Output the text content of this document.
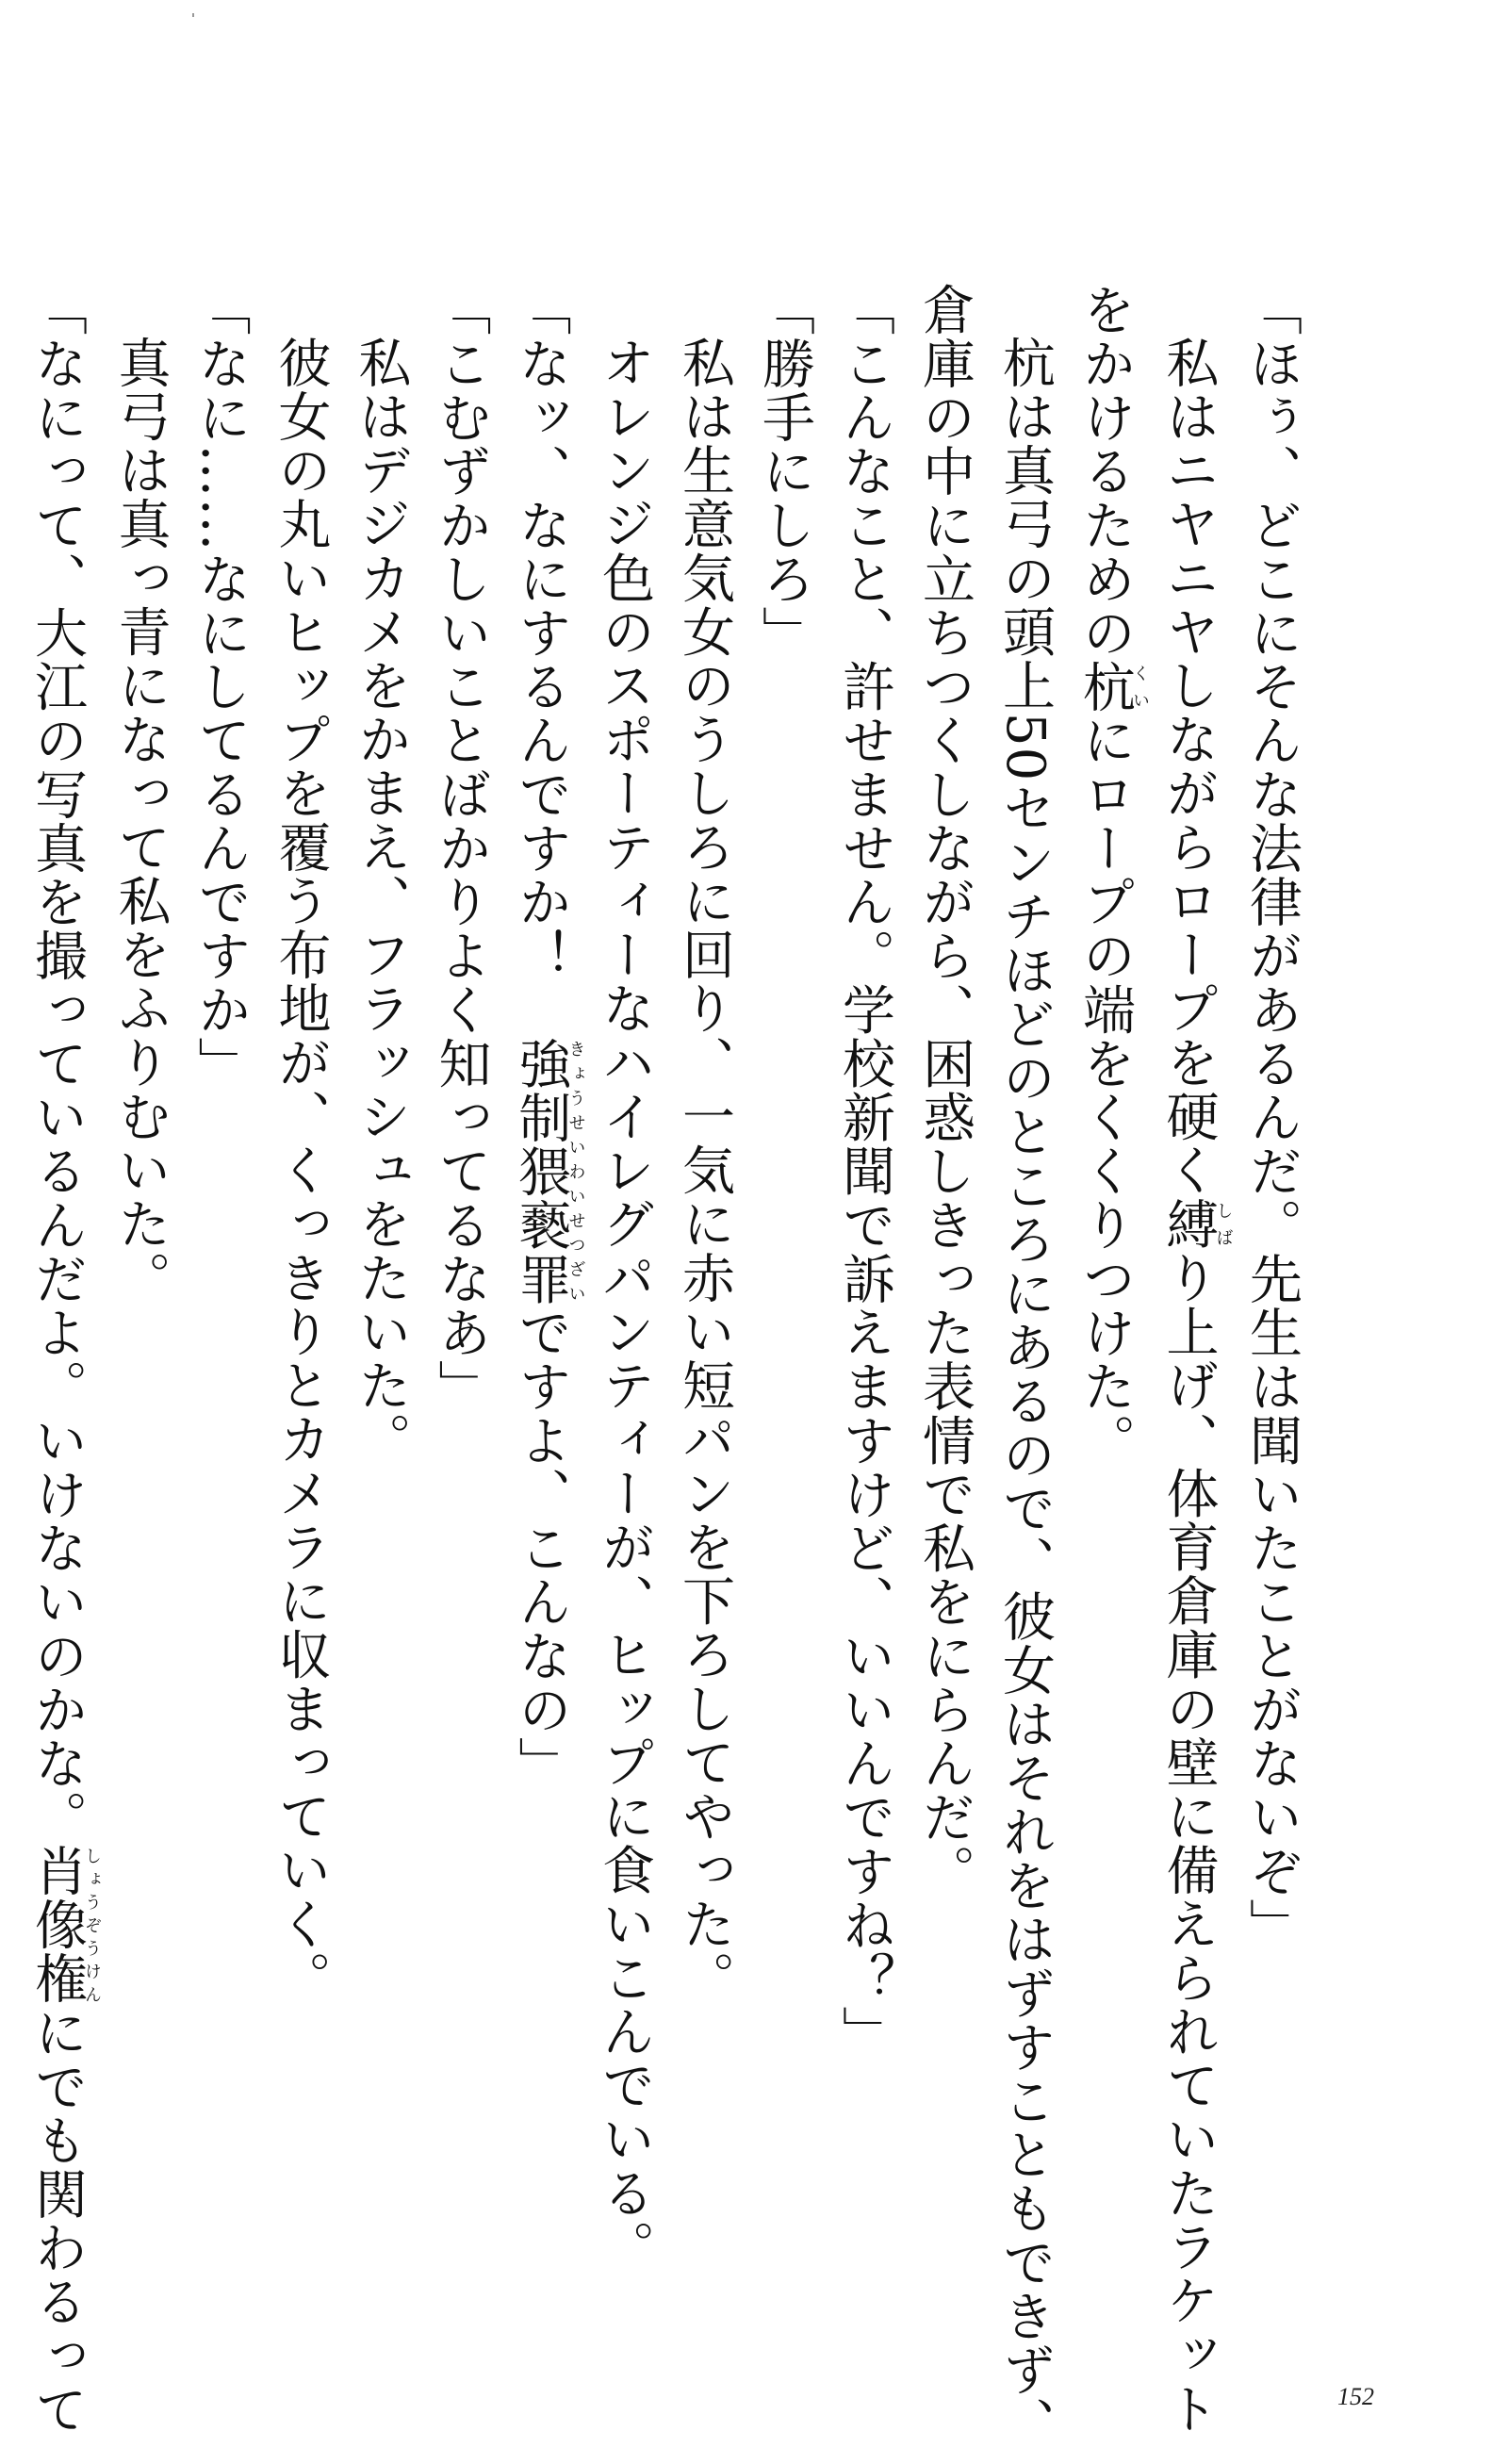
「ほぅ、どこにそんな法律があるんだ。先生は聞いたことがないぞ」
　私はニヤニヤしながらロープを硬く縛しばり上げ、体育倉庫の壁に備えられていたラケット
をかけるための杭くいにロープの端をくくりつけた。
　杭は真弓の頭上50センチほどのところにあるので、彼女はそれをはずすこともできず、
倉庫の中に立ちつくしながら、困惑しきった表情で私をにらんだ。
「こんなこと、許せません。学校新聞で訴えますけど、いいんですね？」
「勝手にしろ」
　私は生意気女のうしろに回り、一気に赤い短パンを下ろしてやった。
　オレンジ色のスポーティーなハイレグパンティーが、ヒップに食いこんでいる。
「なッ、なにするんですか！　強制猥褻罪きょうせいわいせつざいですよ、こんなの」
「こむずかしいことばかりよく知ってるなあ」
　私はデジカメをかまえ、フラッシュをたいた。
　彼女の丸いヒップを覆う布地が、くっきりとカメラに収まっていく。
「なに……なにしてるんですか」
　真弓は真っ青になって私をふりむいた。
「なにって、大江の写真を撮っているんだよ。いけないのかな。肖像権しょうぞうけんにでも関わるって	152
